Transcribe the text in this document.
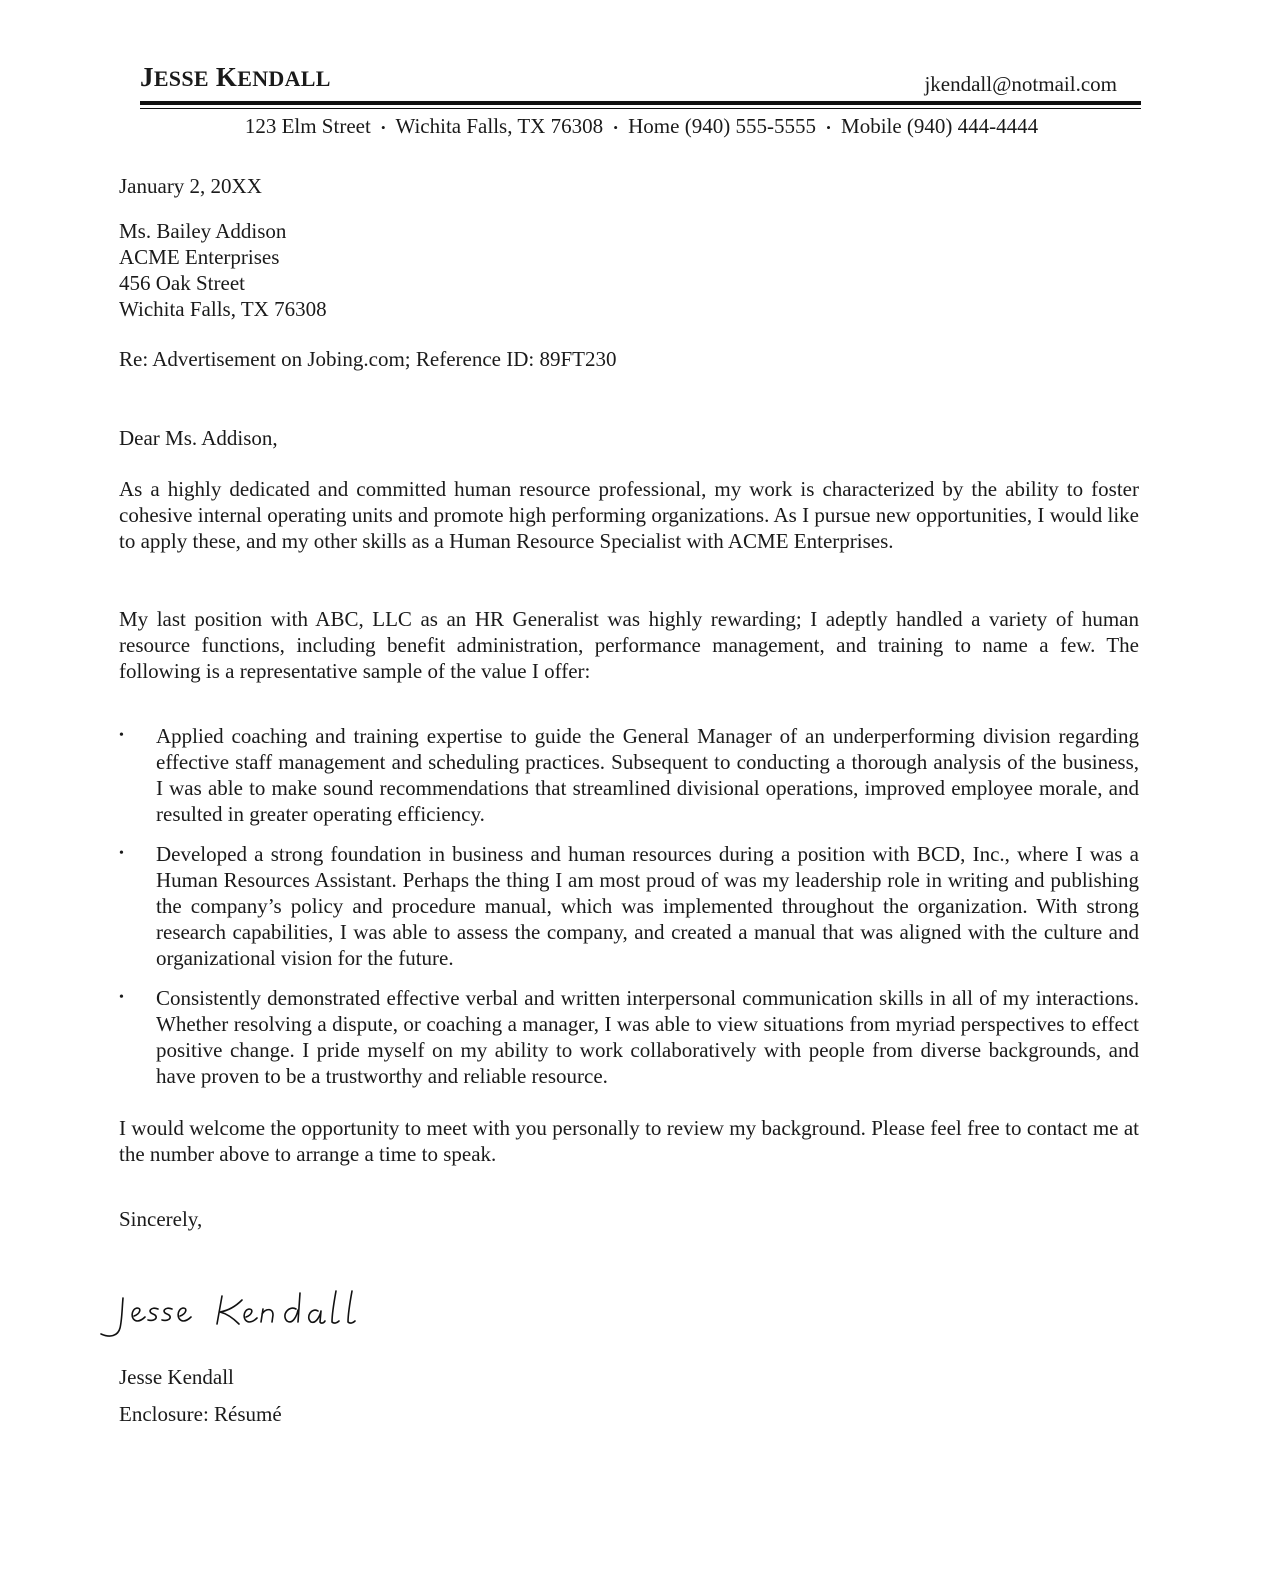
JESSE KENDALL	jkendall@notmail.com
123 Elm Street • Wichita Falls, TX 76308 • Home (940) 555-5555 • Mobile (940) 444-4444
January 2, 20XX
Ms. Bailey Addison
ACME Enterprises
456 Oak Street
Wichita Falls, TX 76308
Re: Advertisement on Jobing.com; Reference ID: 89FT230
Dear Ms. Addison,

As a highly dedicated and committed human resource professional, my work is characterized by the ability to foster cohesive internal operating units and promote high performing organizations. As I pursue new opportunities, I would like to apply these, and my other skills as a Human Resource Specialist with ACME Enterprises.

My last position with ABC, LLC as an HR Generalist was highly rewarding; I adeptly handled a variety of human resource functions, including benefit administration, performance management, and training to name a few. The following is a representative sample of the value I offer:

• Applied coaching and training expertise to guide the General Manager of an underperforming division regarding effective staff management and scheduling practices. Subsequent to conducting a thorough analysis of the business, I was able to make sound recommendations that streamlined divisional operations, improved employee morale, and resulted in greater operating efficiency.
• Developed a strong foundation in business and human resources during a position with BCD, Inc., where I was a Human Resources Assistant. Perhaps the thing I am most proud of was my leadership role in writing and publishing the company’s policy and procedure manual, which was implemented throughout the organization. With strong research capabilities, I was able to assess the company, and created a manual that was aligned with the culture and organizational vision for the future.
• Consistently demonstrated effective verbal and written interpersonal communication skills in all of my interactions. Whether resolving a dispute, or coaching a manager, I was able to view situations from myriad perspectives to effect positive change. I pride myself on my ability to work collaboratively with people from diverse backgrounds, and have proven to be a trustworthy and reliable resource.

I would welcome the opportunity to meet with you personally to review my background. Please feel free to contact me at the number above to arrange a time to speak.

Sincerely,
Jesse Kendall
Enclosure: Résumé
